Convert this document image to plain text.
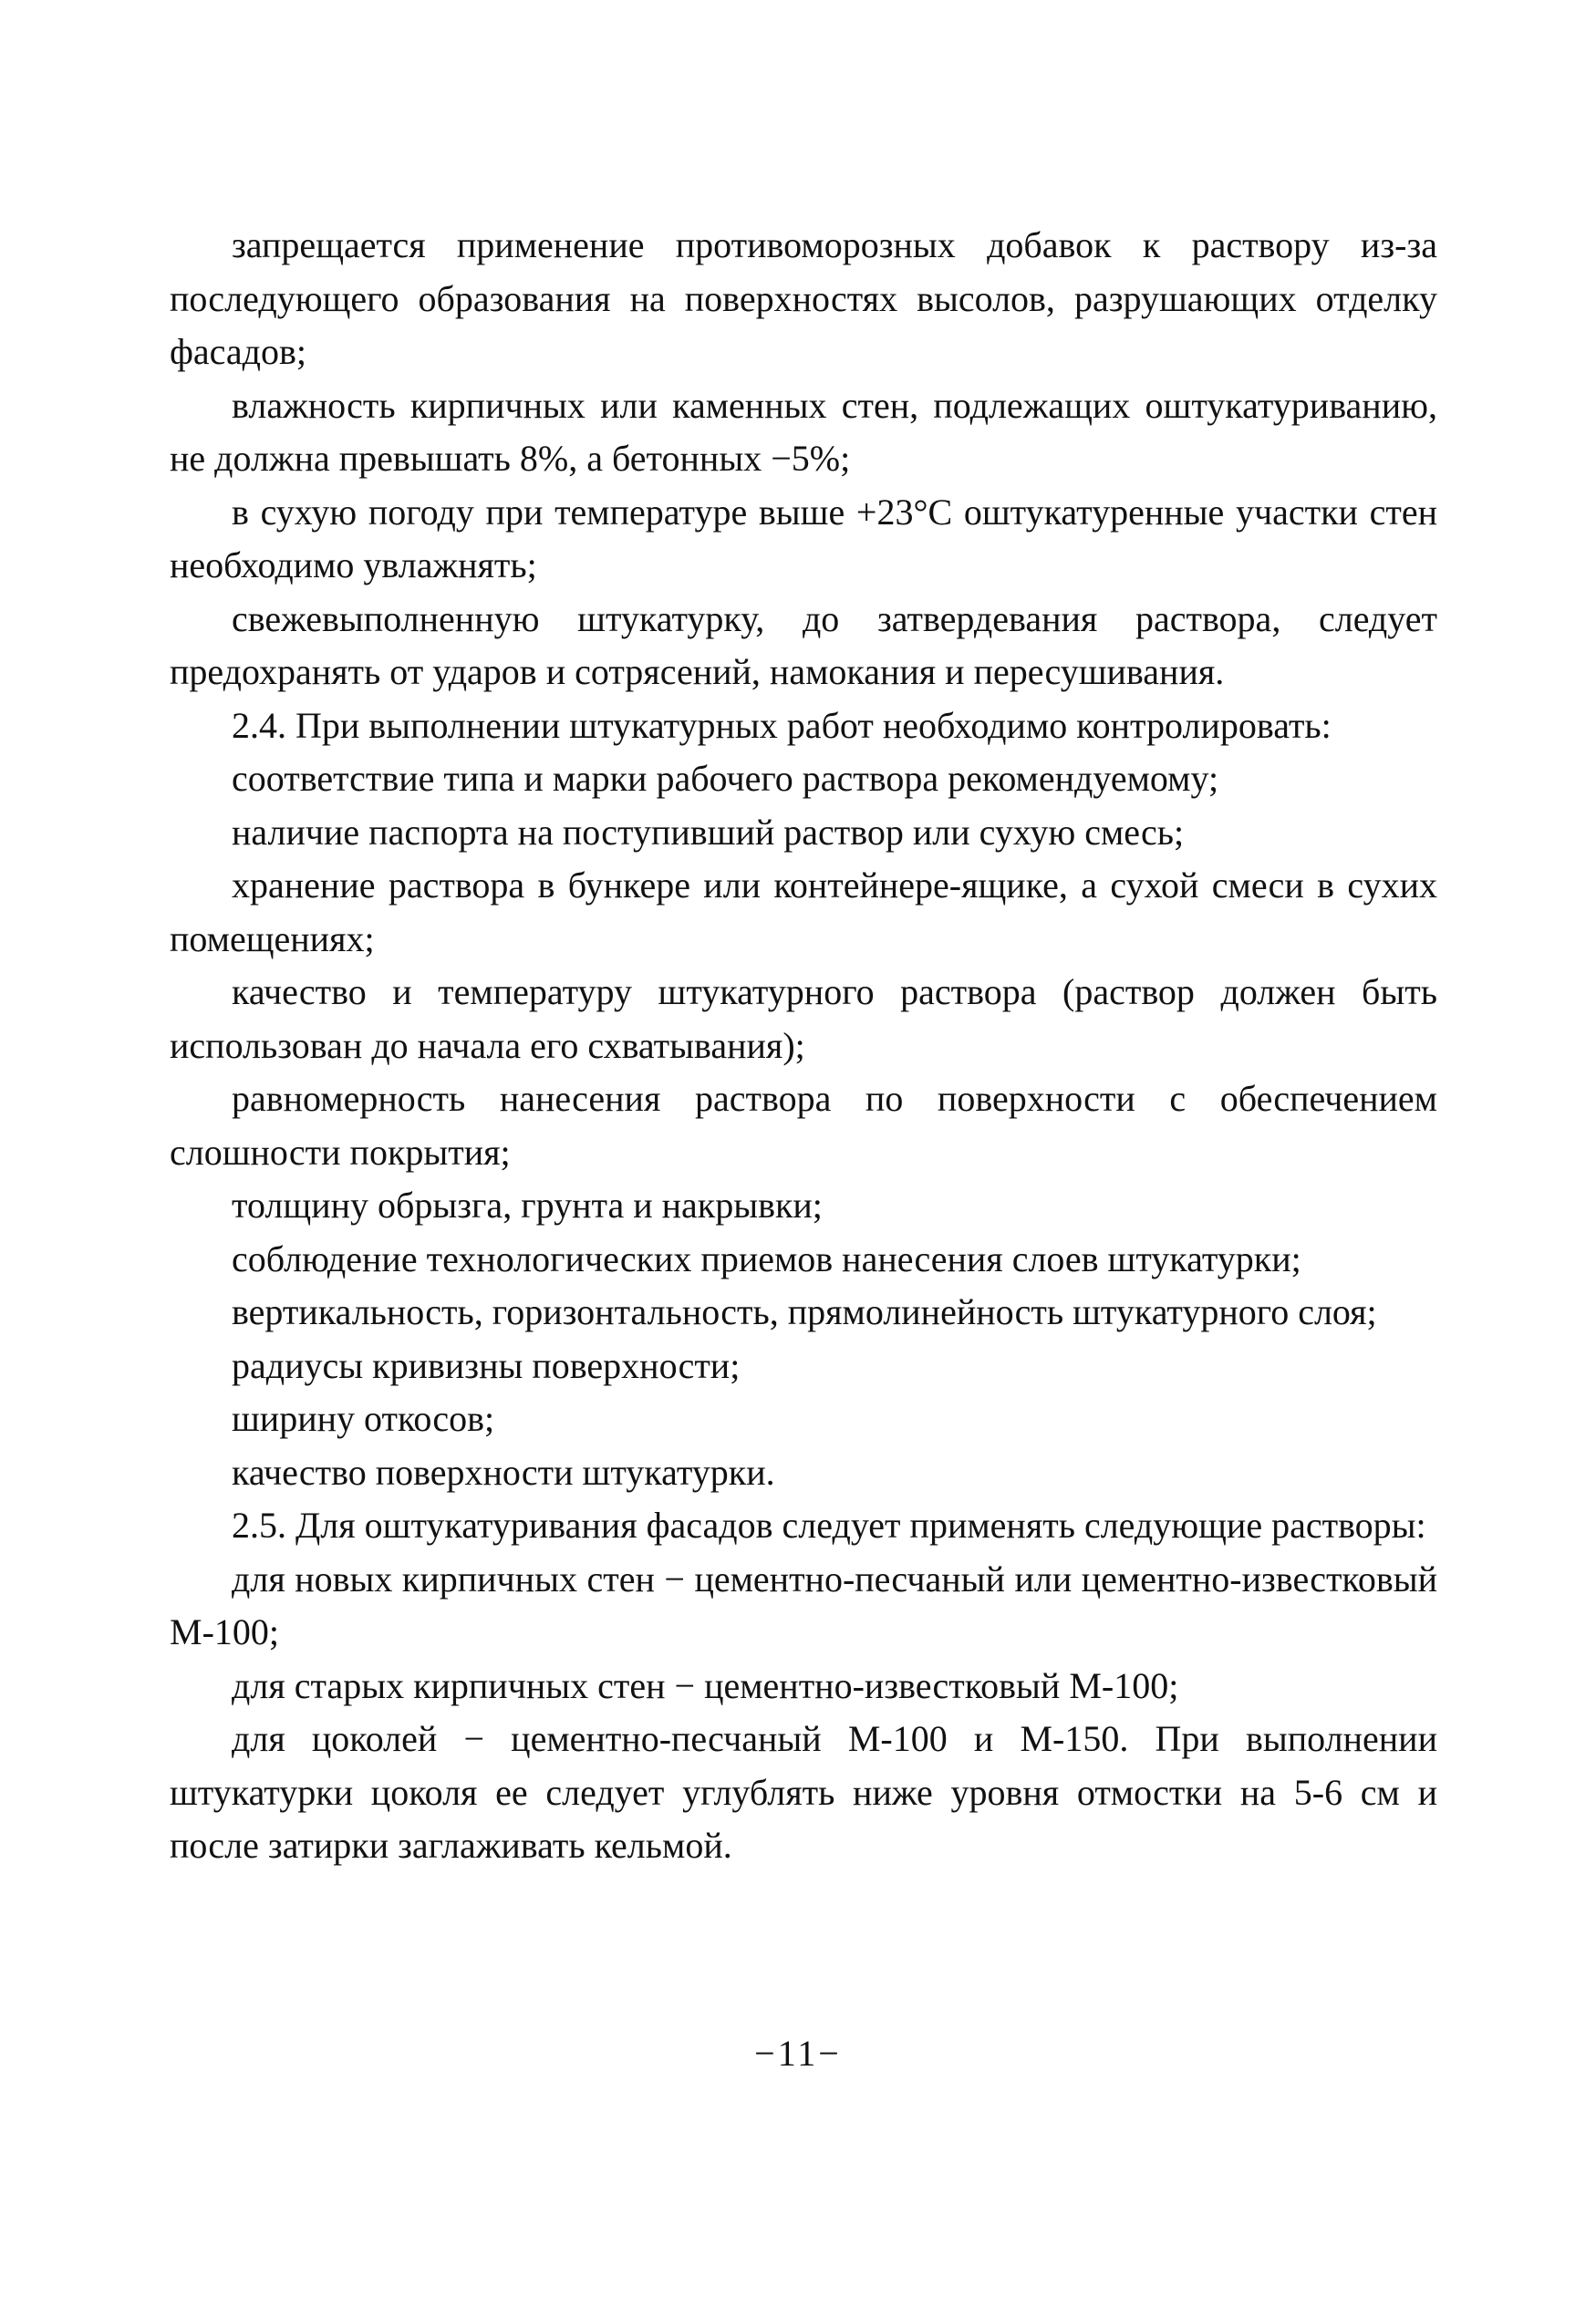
запрещается применение противоморозных добавок к раствору из-за последующего образования на поверхностях высолов, разрушающих отделку фасадов;

влажность кирпичных или каменных стен, подлежащих оштукатуриванию, не должна превышать 8%, а бетонных −5%;

в сухую погоду при температуре выше +23°С оштукатуренные участки стен необходимо увлажнять;

свежевыполненную штукатурку, до затвердевания раствора, следует предохранять от ударов и сотрясений, намокания и пересушивания.

2.4. При выполнении штукатурных работ необходимо контролировать:

соответствие типа и марки рабочего раствора рекомендуемому;

наличие паспорта на поступивший раствор или сухую смесь;

хранение раствора в бункере или контейнере-ящике, а сухой смеси в сухих помещениях;

качество и температуру штукатурного раствора (раствор должен быть использован до начала его схватывания);

равномерность нанесения раствора по поверхности с обеспечением слошности покрытия;

толщину обрызга, грунта и накрывки;

соблюдение технологических приемов нанесения слоев штукатурки;

вертикальность, горизонтальность, прямолинейность штукатурного слоя;

радиусы кривизны поверхности;

ширину откосов;

качество поверхности штукатурки.

2.5. Для оштукатуривания фасадов следует применять следующие растворы:

для новых кирпичных стен − цементно-песчаный или цементно-известковый М-100;

для старых кирпичных стен − цементно-известковый М-100;

для цоколей − цементно-песчаный М-100 и М-150. При выполнении штукатурки цоколя ее следует углублять ниже уровня отмостки на 5-6 см и после затирки заглаживать кельмой.

−11−
